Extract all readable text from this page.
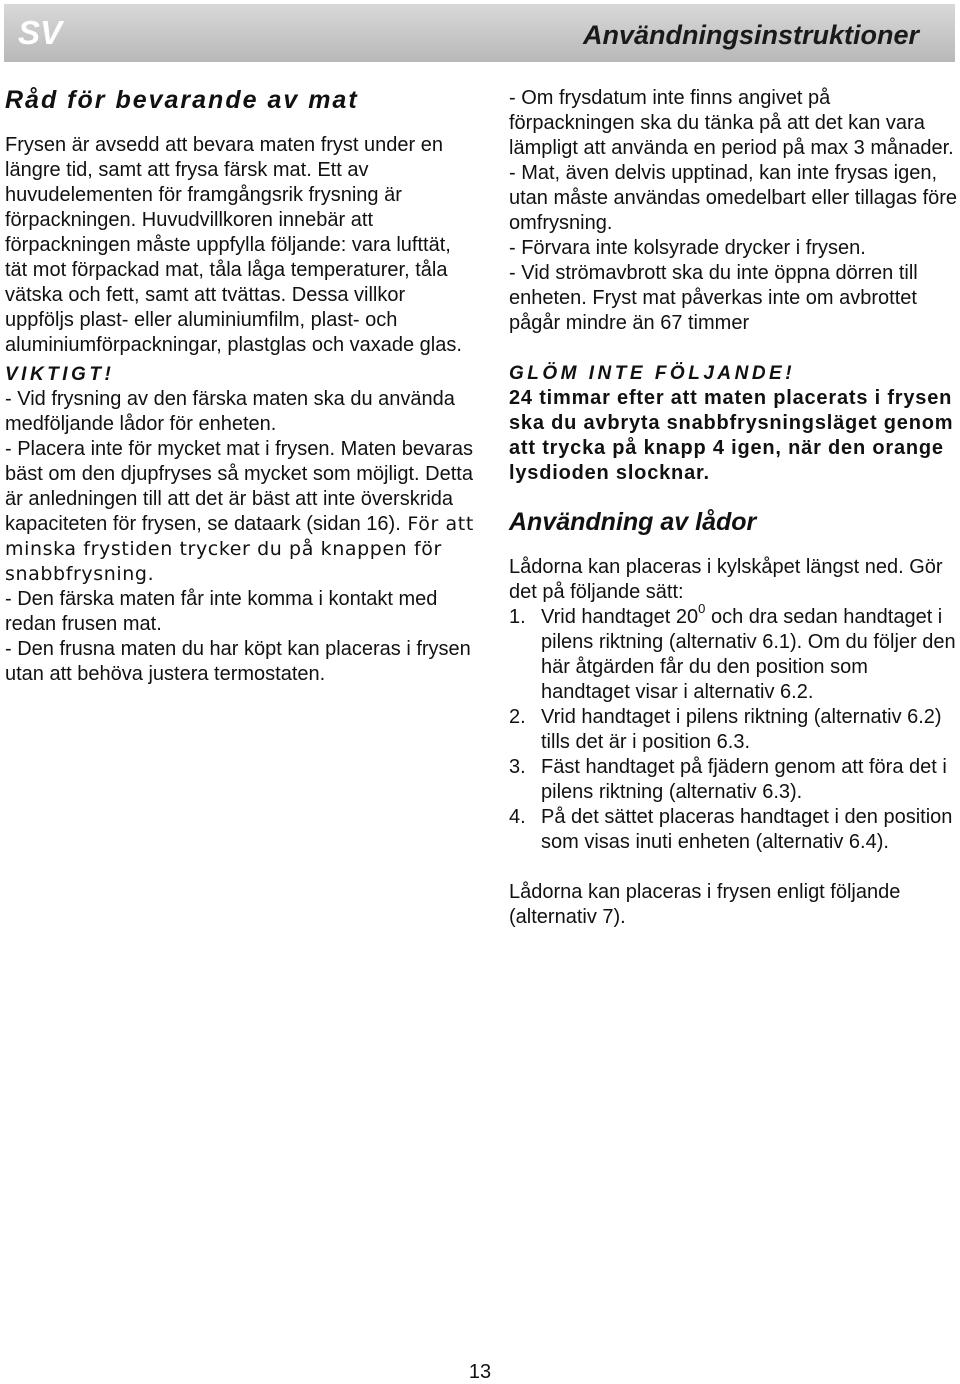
SV	Användningsinstruktioner

Råd för bevarande av mat

Frysen är avsedd att bevara maten fryst under en längre tid, samt att frysa färsk mat. Ett av huvudelementen för framgångsrik frysning är förpackningen. Huvudvillkoren innebär att förpackningen måste uppfylla följande: vara lufttät, tät mot förpackad mat, tåla låga temperaturer, tåla vätska och fett, samt att tvättas. Dessa villkor uppföljs plast- eller aluminiumfilm, plast- och aluminiumförpackningar, plastglas och vaxade glas.

VIKTIGT!

- Vid frysning av den färska maten ska du använda medföljande lådor för enheten.

- Placera inte för mycket mat i frysen. Maten bevaras bäst om den djupfryses så mycket som möjligt. Detta är anledningen till att det är bäst att inte överskrida kapaciteten för frysen, se dataark (sidan 16). För att minska frystiden trycker du på knappen för snabbfrysning.

- Den färska maten får inte komma i kontakt med redan frusen mat.

- Den frusna maten du har köpt kan placeras i frysen utan att behöva justera termostaten.

- Om frysdatum inte finns angivet på förpackningen ska du tänka på att det kan vara lämpligt att använda en period på max 3 månader.

- Mat, även delvis upptinad, kan inte frysas igen, utan måste användas omedelbart eller tillagas före omfrysning.

- Förvara inte kolsyrade drycker i frysen.

- Vid strömavbrott ska du inte öppna dörren till enheten. Fryst mat påverkas inte om avbrottet pågår mindre än 67 timmer

GLÖM INTE FÖLJANDE!

24 timmar efter att maten placerats i frysen ska du avbryta snabbfrysningsläget genom att trycka på knapp 4 igen, när den orange lysdioden slocknar.

Användning av lådor

Lådorna kan placeras i kylskåpet längst ned. Gör det på följande sätt:

1. Vrid handtaget $20^0$ och dra sedan handtaget i pilens riktning (alternativ 6.1). Om du följer den här åtgärden får du den position som handtaget visar i alternativ 6.2.
2. Vrid handtaget i pilens riktning (alternativ 6.2) tills det är i position 6.3.
3. Fäst handtaget på fjädern genom att föra det i pilens riktning (alternativ 6.3).
4. På det sättet placeras handtaget i den position som visas inuti enheten (alternativ 6.4).

Lådorna kan placeras i frysen enligt följande (alternativ 7).

13
